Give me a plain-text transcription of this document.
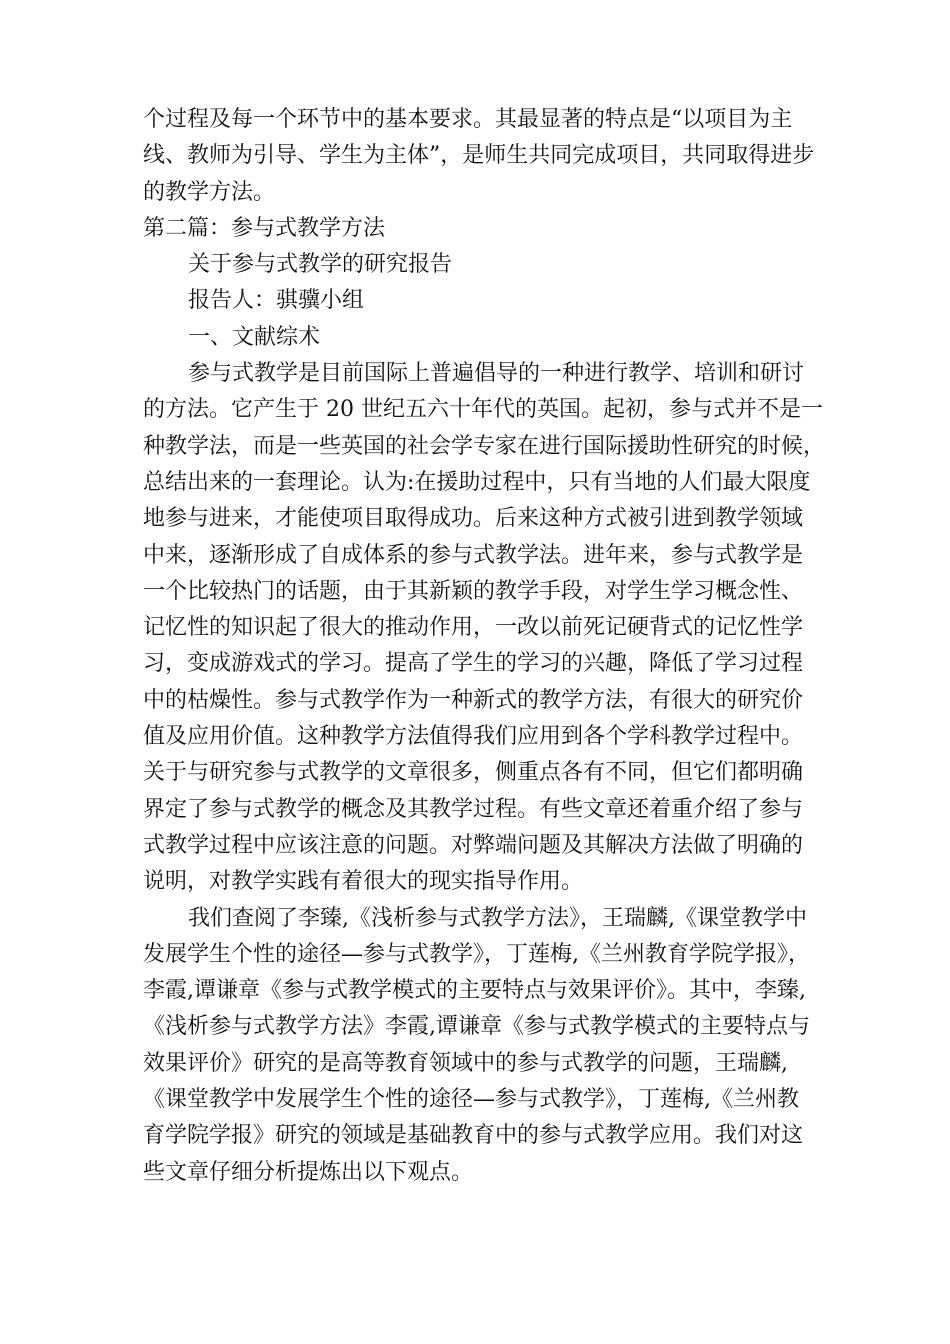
个过程及每一个环节中的基本要求。其最显著的特点是“以项目为主
线、教师为引导、学生为主体”，是师生共同完成项目，共同取得进步
的教学方法。

第二篇：参与式教学方法

关于参与式教学的研究报告

报告人：骐骥小组

一、文献综术

参与式教学是目前国际上普遍倡导的一种进行教学、培训和研讨
的方法。它产生于 20 世纪五六十年代的英国。起初，参与式并不是一
种教学法，而是一些英国的社会学专家在进行国际援助性研究的时候，
总结出来的一套理论。认为:在援助过程中，只有当地的人们最大限度
地参与进来，才能使项目取得成功。后来这种方式被引进到教学领域
中来，逐渐形成了自成体系的参与式教学法。进年来，参与式教学是
一个比较热门的话题，由于其新颖的教学手段，对学生学习概念性、
记忆性的知识起了很大的推动作用，一改以前死记硬背式的记忆性学
习，变成游戏式的学习。提高了学生的学习的兴趣，降低了学习过程
中的枯燥性。参与式教学作为一种新式的教学方法，有很大的研究价
值及应用价值。这种教学方法值得我们应用到各个学科教学过程中。
关于与研究参与式教学的文章很多，侧重点各有不同，但它们都明确
界定了参与式教学的概念及其教学过程。有些文章还着重介绍了参与
式教学过程中应该注意的问题。对弊端问题及其解决方法做了明确的
说明，对教学实践有着很大的现实指导作用。

我们查阅了李臻,《浅析参与式教学方法》，王瑞麟,《课堂教学中
发展学生个性的途径—参与式教学》，丁莲梅,《兰州教育学院学报》，
李霞,谭谦章《参与式教学模式的主要特点与效果评价》。其中，李臻,
《浅析参与式教学方法》李霞,谭谦章《参与式教学模式的主要特点与
效果评价》研究的是高等教育领域中的参与式教学的问题，王瑞麟,
《课堂教学中发展学生个性的途径—参与式教学》，丁莲梅,《兰州教
育学院学报》研究的领域是基础教育中的参与式教学应用。我们对这
些文章仔细分析提炼出以下观点。
